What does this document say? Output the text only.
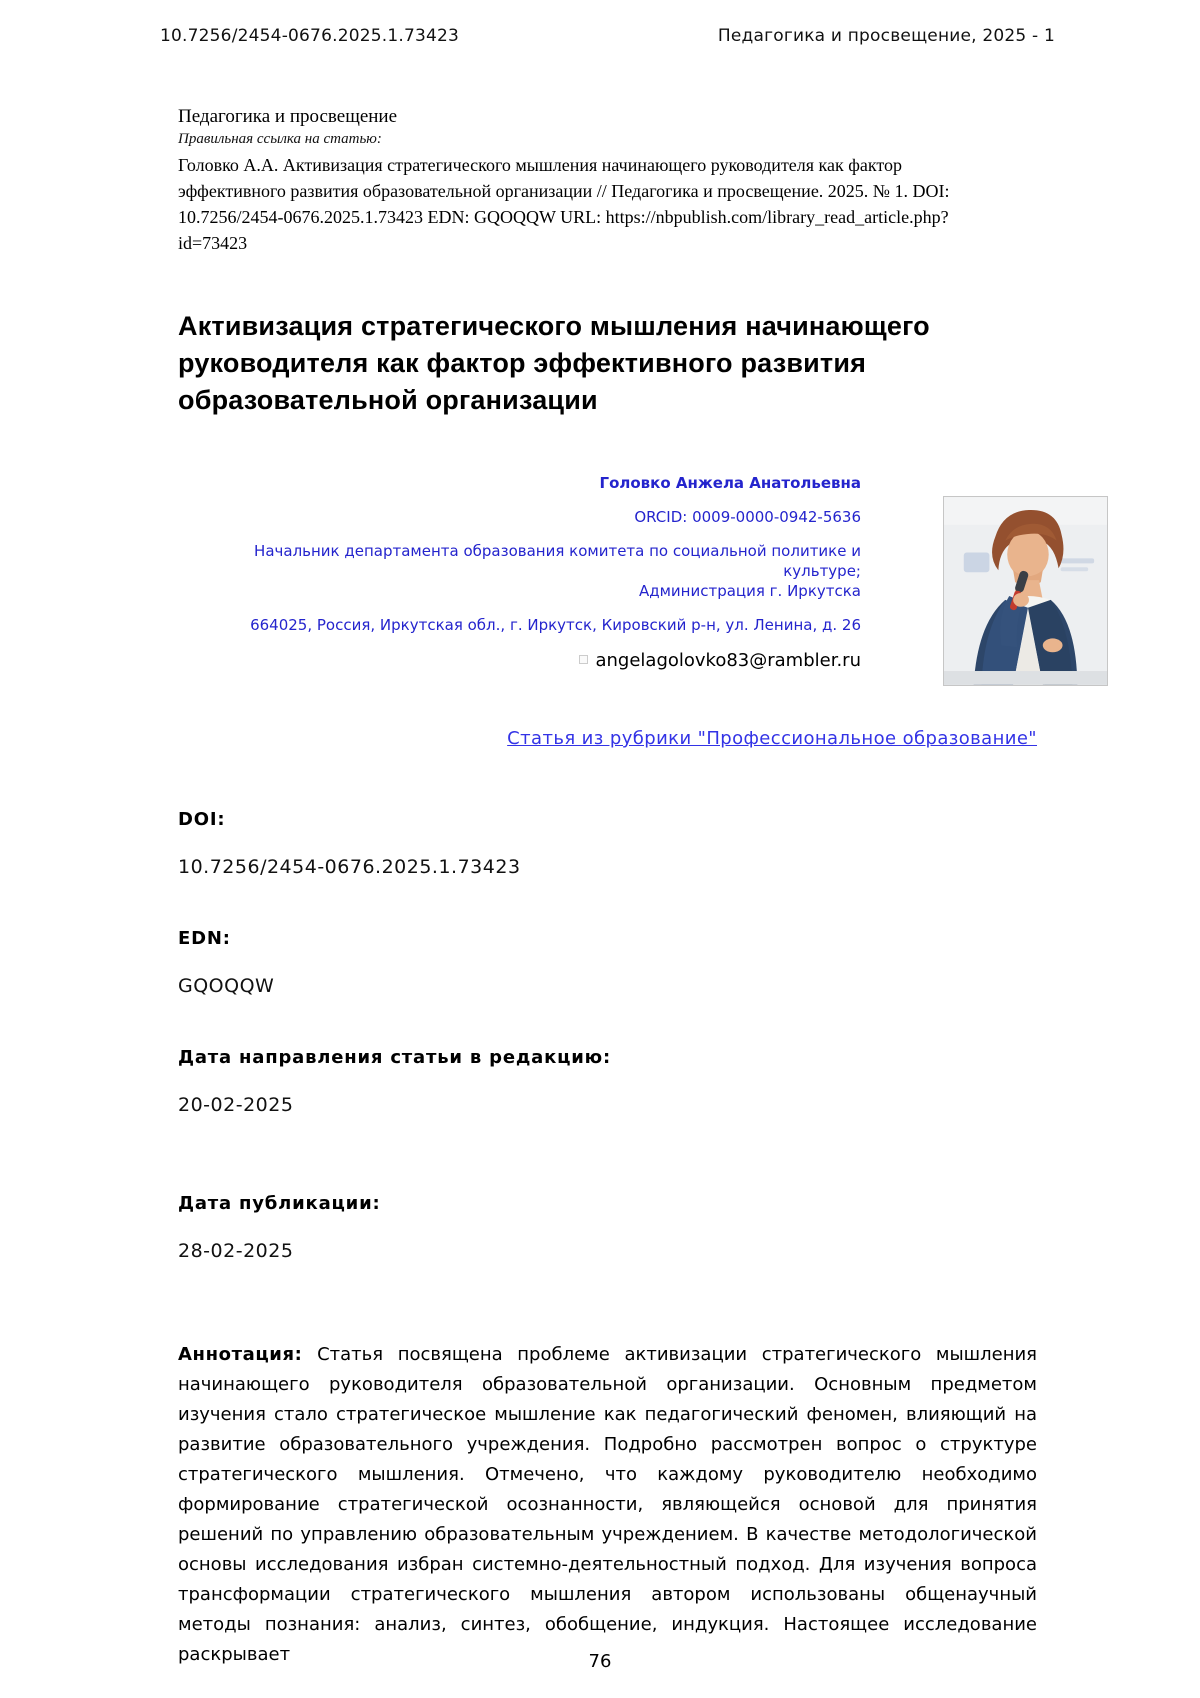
10.7256/2454-0676.2025.1.73423	Педагогика и просвещение, 2025 - 1
Педагогика и просвещение
Правильная ссылка на статью:
Головко А.А. Активизация стратегического мышления начинающего руководителя как фактор эффективного развития образовательной организации // Педагогика и просвещение. 2025. № 1. DOI: 10.7256/2454-0676.2025.1.73423 EDN: GQOQQW URL: https://nbpublish.com/library_read_article.php?id=73423
Активизация стратегического мышления начинающего руководителя как фактор эффективного развития образовательной организации
Головко Анжела Анатольевна
ORCID: 0009-0000-0942-5636
Начальник департамента образования комитета по социальной политике и культуре;
Администрация г. Иркутска
664025, Россия, Иркутская обл., г. Иркутск, Кировский р-н, ул. Ленина, д. 26
angelagolovko83@rambler.ru
Статья из рубрики "Профессиональное образование"
DOI:
10.7256/2454-0676.2025.1.73423
EDN:
GQOQQW
Дата направления статьи в редакцию:
20-02-2025
Дата публикации:
28-02-2025

Аннотация: Статья посвящена проблеме активизации стратегического мышления начинающего руководителя образовательной организации. Основным предметом изучения стало стратегическое мышление как педагогический феномен, влияющий на развитие образовательного учреждения. Подробно рассмотрен вопрос о структуре стратегического мышления. Отмечено, что каждому руководителю необходимо формирование стратегической осознанности, являющейся основой для принятия решений по управлению образовательным учреждением. В качестве методологической основы исследования избран системно-деятельностный подход. Для изучения вопроса трансформации стратегического мышления автором использованы общенаучный методы познания: анализ, синтез, обобщение, индукция. Настоящее исследование раскрывает	76
